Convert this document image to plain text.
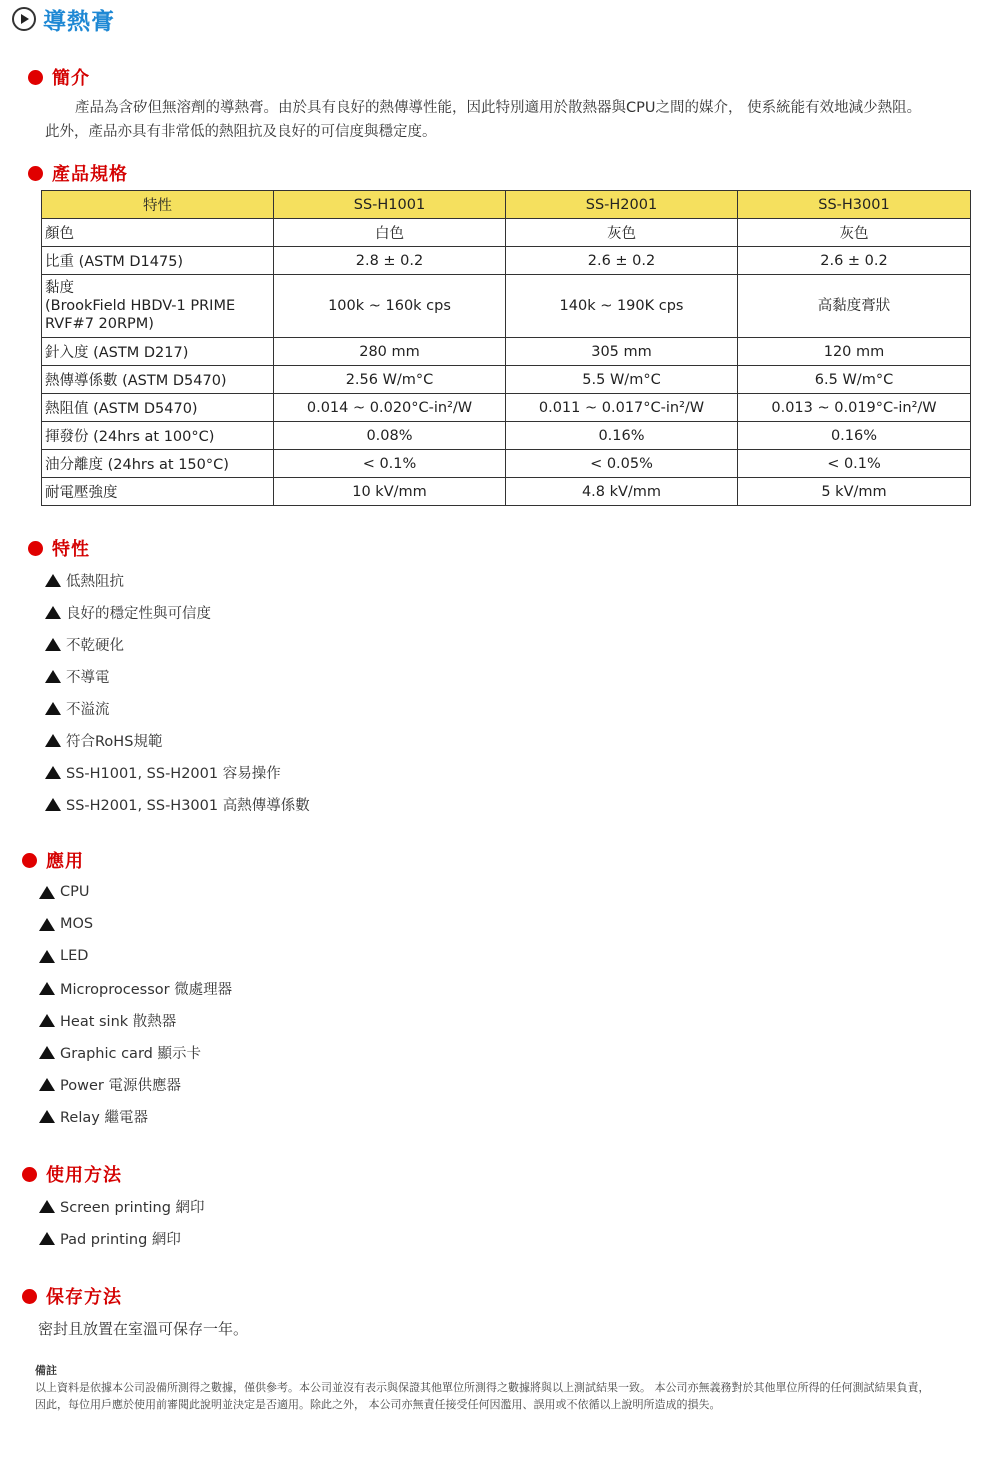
導熱膏
簡介

產品為含矽但無溶劑的導熱膏。由於具有良好的熱傳導性能，因此特別適用於散熱器與CPU之間的媒介， 使系統能有效地減少熱阻。此外，產品亦具有非常低的熱阻抗及良好的可信度與穩定度。

產品規格
特性	SS-H1001	SS-H2001	SS-H3001
顏色	白色	灰色	灰色
比重 (ASTM D1475)	2.8 ± 0.2	2.6 ± 0.2	2.6 ± 0.2

黏度
(BrookField HBDV-1 PRIME
RVF#7 20RPM)	100k ~ 160k cps	140k ~ 190K cps	高黏度膏狀
針入度 (ASTM D217)	280 mm	305 mm	120 mm
熱傳導係數 (ASTM D5470)	2.56 W/m°C	5.5 W/m°C	6.5 W/m°C
熱阻值 (ASTM D5470)	0.014 ~ 0.020°C-in²/W	0.011 ~ 0.017°C-in²/W	0.013 ~ 0.019°C-in²/W
揮發份 (24hrs at 100°C)	0.08%	0.16%	0.16%
油分離度 (24hrs at 150°C)	< 0.1%	< 0.05%	< 0.1%
耐電壓強度	10 kV/mm	4.8 kV/mm	5 kV/mm
特性
低熱阻抗
良好的穩定性與可信度
不乾硬化
不導電
不溢流
符合RoHS規範
SS-H1001, SS-H2001 容易操作
SS-H2001, SS-H3001 高熱傳導係數
應用
CPU
MOS
LED
Microprocessor 微處理器
Heat sink 散熱器
Graphic card 顯示卡
Power 電源供應器
Relay 繼電器
使用方法
Screen printing 網印
Pad printing 網印
保存方法
密封且放置在室溫可保存一年。
備註
以上資料是依據本公司設備所測得之數據，僅供參考。本公司並沒有表示與保證其他單位所測得之數據將與以上測試結果一致。 本公司亦無義務對於其他單位所得的任何測試結果負責，因此，每位用戶應於使用前審閱此說明並決定是否適用。除此之外， 本公司亦無責任接受任何因濫用、誤用或不依循以上說明所造成的損失。
